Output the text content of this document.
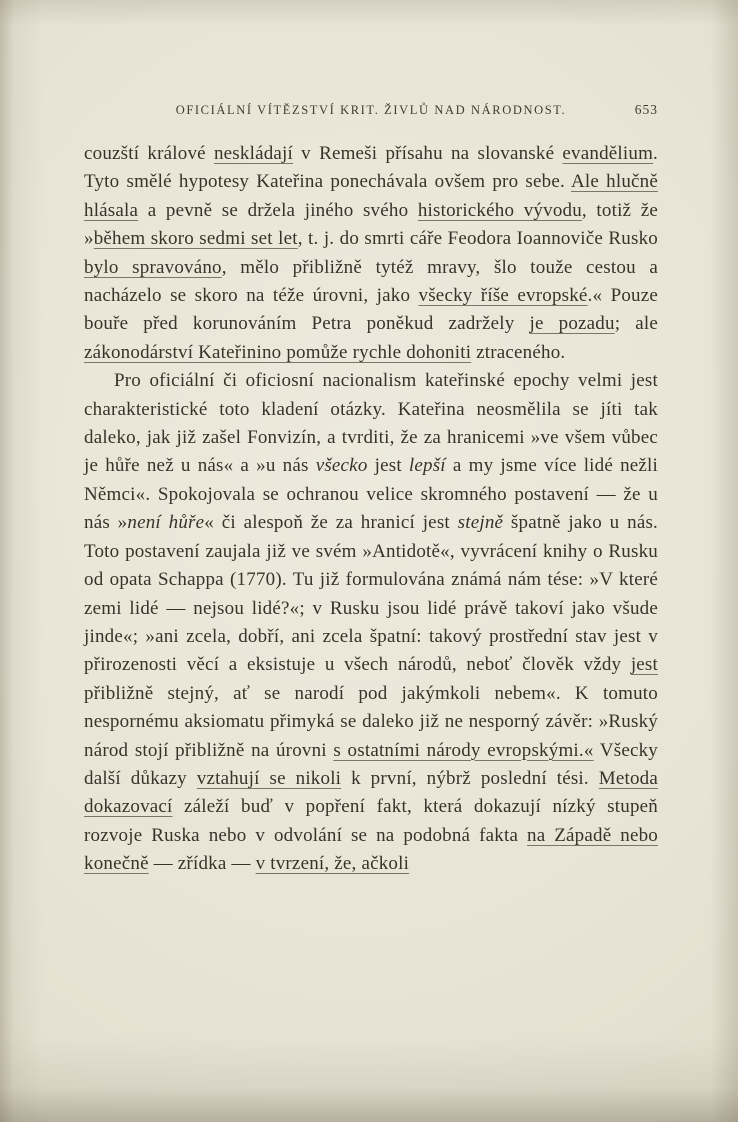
OFICIÁLNÍ VÍTĚZSTVÍ KRIT. ŽIVLŮ NAD NÁRODNOST.	653

couzští králové neskládají v Remeši přísahu na slovanské evandělium. Tyto smělé hypotesy Kateřina ponechávala ovšem pro sebe. Ale hlučně hlásala a pevně se držela jiného svého historického vývodu, totiž že »během skoro sedmi set let, t. j. do smrti cáře Feodora Ioannoviče Rusko bylo spravováno, mělo přibližně tytéž mravy, šlo touže cestou a nacházelo se skoro na téže úrovni, jako všecky říše evropské.« Pouze bouře před korunováním Petra poněkud zadržely je pozadu; ale zákonodárství Kateřinino pomůže rychle dohoniti ztraceného.

Pro oficiální či oficiosní nacionalism kateřinské epochy velmi jest charakteristické toto kladení otázky. Kateřina neosmělila se jíti tak daleko, jak již zašel Fonvizín, a tvrditi, že za hranicemi »ve všem vůbec je hůře než u nás« a »u nás všecko jest lepší a my jsme více lidé nežli Němci«. Spokojovala se ochranou velice skromného postavení — že u nás »není hůře« či alespoň že za hranicí jest stejně špatně jako u nás. Toto postavení zaujala již ve svém »Antidotě«, vyvrácení knihy o Rusku od opata Schappa (1770). Tu již formulována známá nám tése: »V které zemi lidé — nejsou lidé?«; v Rusku jsou lidé právě takoví jako všude jinde«; »ani zcela, dobří, ani zcela špatní: takový prostřední stav jest v přirozenosti věcí a eksistuje u všech národů, neboť člověk vždy jest přibližně stejný, ať se narodí pod jakýmkoli nebem«. K tomuto nespornému aksiomatu přimyká se daleko již ne nesporný závěr: »Ruský národ stojí přibližně na úrovni s ostatními národy evropskými.« Všecky další důkazy vztahují se nikoli k první, nýbrž poslední tési. Metoda dokazovací záleží buď v popření fakt, která dokazují nízký stupeň rozvoje Ruska nebo v odvolání se na podobná fakta na Západě nebo konečně — zřídka — v tvrzení, že, ačkoli
